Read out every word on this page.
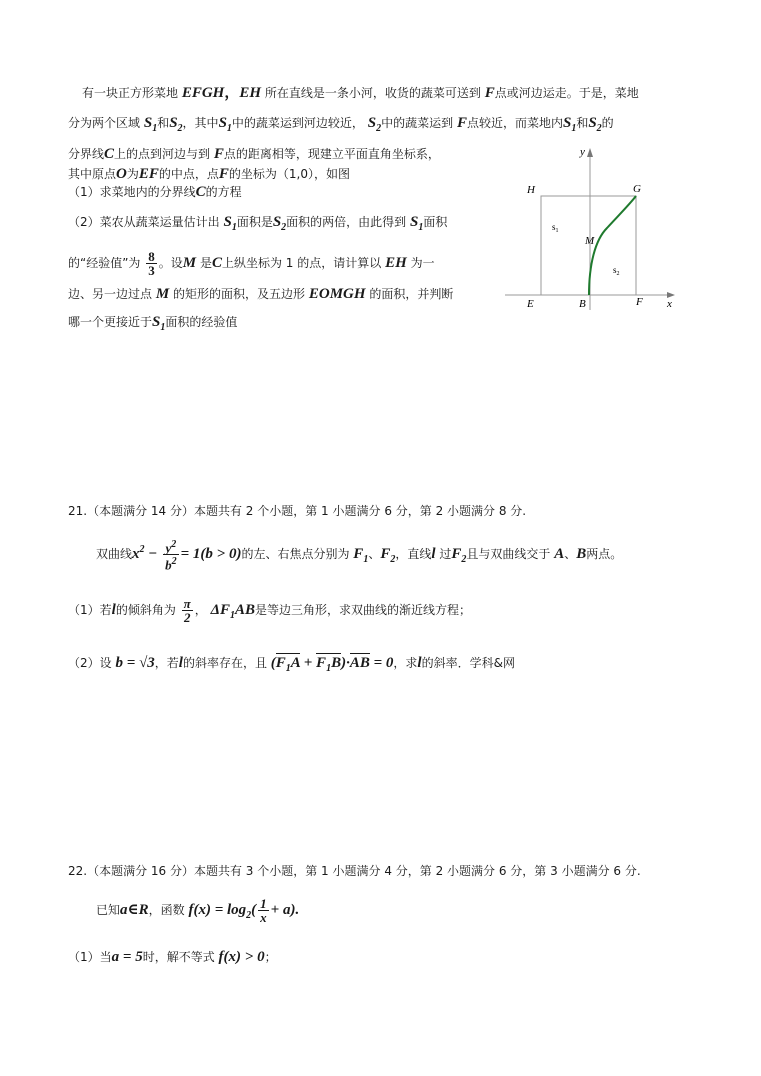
有一块正方形菜地 EFGH，EH 所在直线是一条小河，收货的蔬菜可送到 F点或河边运走。于是，菜地
分为两个区域 $S_1$和$S_2$，其中$S_1$中的蔬菜运到河边较近， $S_2$中的蔬菜运到 F点较近，而菜地内$S_1$和$S_2$的
分界线C上的点到河边与到 F点的距离相等，现建立平面直角坐标系，
其中原点O为EF的中点，点F的坐标为（1,0），如图
（1）求菜地内的分界线C的方程
（2）菜农从蔬菜运量估计出 $S_1$面积是$S_2$面积的两倍，由此得到 $S_1$面积
的“经验值”为 $\frac{8}{3}$ 。设M 是C上纵坐标为 1 的点，请计算以 EH 为一
边、另一边过点 M 的矩形的面积，及五边形 EOMGH 的面积，并判断
哪一个更接近于$S_1$面积的经验值
y
x
H	G
M
E	B	F
$s_1$
$s_2$
21.（本题满分 14 分）本题共有 2 个小题，第 1 小题满分 6 分，第 2 小题满分 8 分.
双曲线$x^2 - \frac{y^2}{b^2} = 1(b > 0)$的左、右焦点分别为 $F_1$、$F_2$，直线l 过$F_2$且与双曲线交于 A、B两点。
（1）若l的倾斜角为 $\frac{\pi}{2}$ ， $\Delta F_1AB$是等边三角形，求双曲线的渐近线方程；
（2）设 b = √3，若l的斜率存在，且 $(F_1A + F_1B)\cdot AB = 0$，求l的斜率．学科&网
22.（本题满分 16 分）本题共有 3 个小题，第 1 小题满分 4 分，第 2 小题满分 6 分，第 3 小题满分 6 分.
已知a∈R，函数 $f(x) = \log_2( \frac{1}{x} + a)$.
（1）当a = 5时，解不等式 f(x) > 0；
